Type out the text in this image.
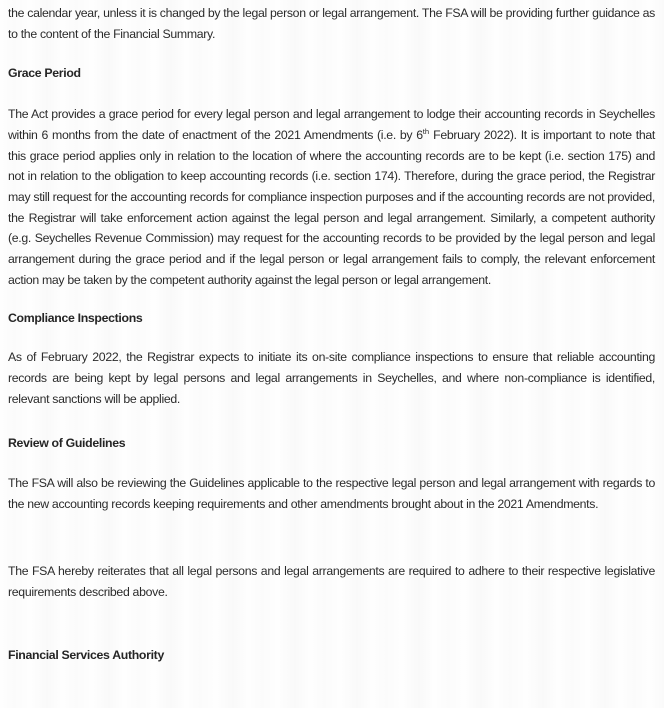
the calendar year, unless it is changed by the legal person or legal arrangement. The FSA will be providing further guidance as to the content of the Financial Summary.

Grace Period

The Act provides a grace period for every legal person and legal arrangement to lodge their accounting records in Seychelles within 6 months from the date of enactment of the 2021 Amendments (i.e. by 6th February 2022). It is important to note that this grace period applies only in relation to the location of where the accounting records are to be kept (i.e. section 175) and not in relation to the obligation to keep accounting records (i.e. section 174). Therefore, during the grace period, the Registrar may still request for the accounting records for compliance inspection purposes and if the accounting records are not provided, the Registrar will take enforcement action against the legal person and legal arrangement. Similarly, a competent authority (e.g. Seychelles Revenue Commission) may request for the accounting records to be provided by the legal person and legal arrangement during the grace period and if the legal person or legal arrangement fails to comply, the relevant enforcement action may be taken by the competent authority against the legal person or legal arrangement.

Compliance Inspections

As of February 2022, the Registrar expects to initiate its on-site compliance inspections to ensure that reliable accounting records are being kept by legal persons and legal arrangements in Seychelles, and where non-compliance is identified, relevant sanctions will be applied.

Review of Guidelines

The FSA will also be reviewing the Guidelines applicable to the respective legal person and legal arrangement with regards to the new accounting records keeping requirements and other amendments brought about in the 2021 Amendments.

The FSA hereby reiterates that all legal persons and legal arrangements are required to adhere to their respective legislative requirements described above.

Financial Services Authority
